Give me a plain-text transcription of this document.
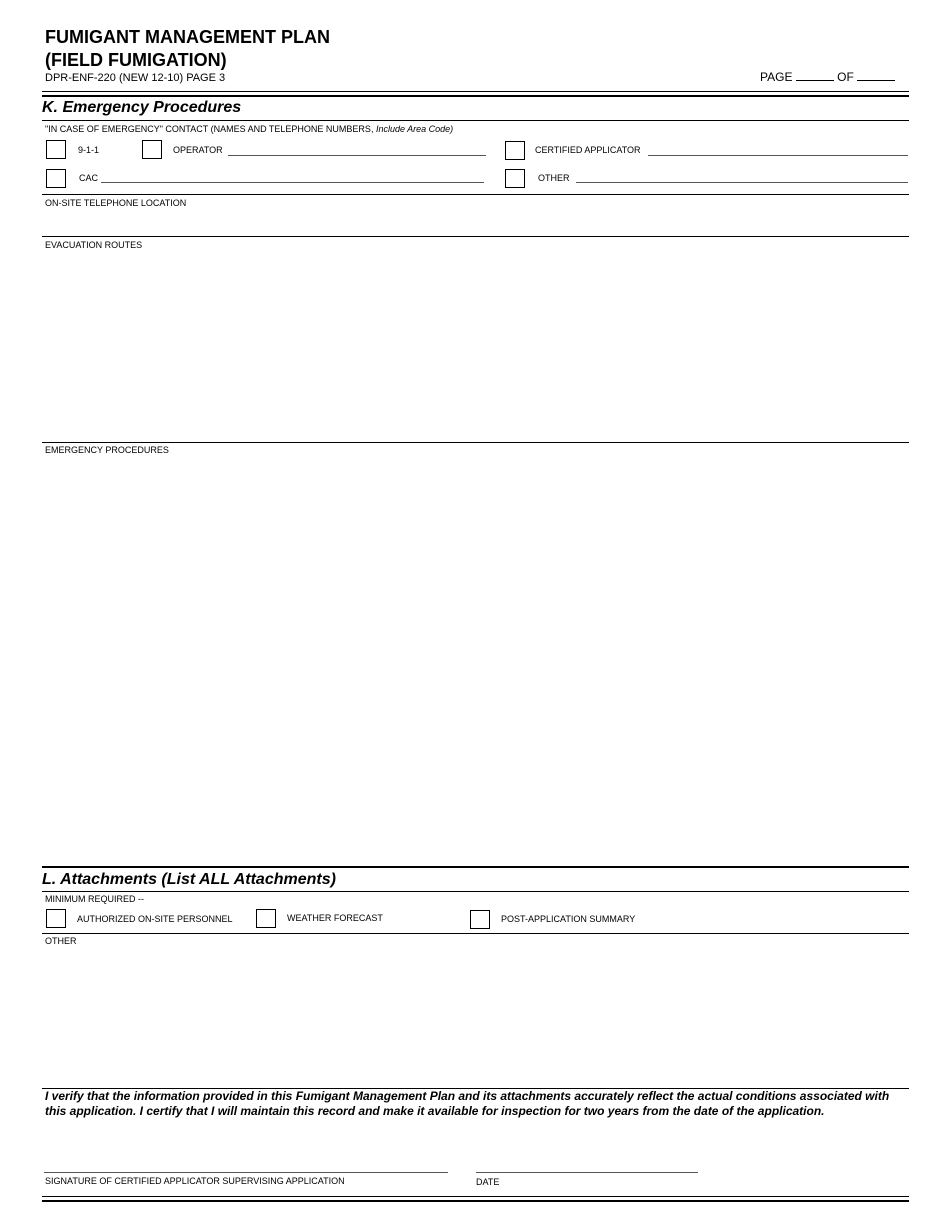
FUMIGANT MANAGEMENT PLAN
(FIELD FUMIGATION)
DPR-ENF-220 (NEW 12-10) PAGE 3	PAGE	OF
K. Emergency Procedures
"IN CASE OF EMERGENCY" CONTACT (NAMES AND TELEPHONE NUMBERS, Include Area Code)
9-1-1	OPERATOR	CERTIFIED APPLICATOR
CAC	OTHER
ON-SITE TELEPHONE LOCATION
EVACUATION ROUTES
EMERGENCY PROCEDURES
L. Attachments (List ALL Attachments)
MINIMUM REQUIRED --
AUTHORIZED ON-SITE PERSONNEL	WEATHER FORECAST	POST-APPLICATION SUMMARY
OTHER
I verify that the information provided in this Fumigant Management Plan and its attachments accurately reflect the actual conditions associated with this application. I certify that I will maintain this record and make it available for inspection for two years from the date of the application.
SIGNATURE OF CERTIFIED APPLICATOR SUPERVISING APPLICATION	DATE
